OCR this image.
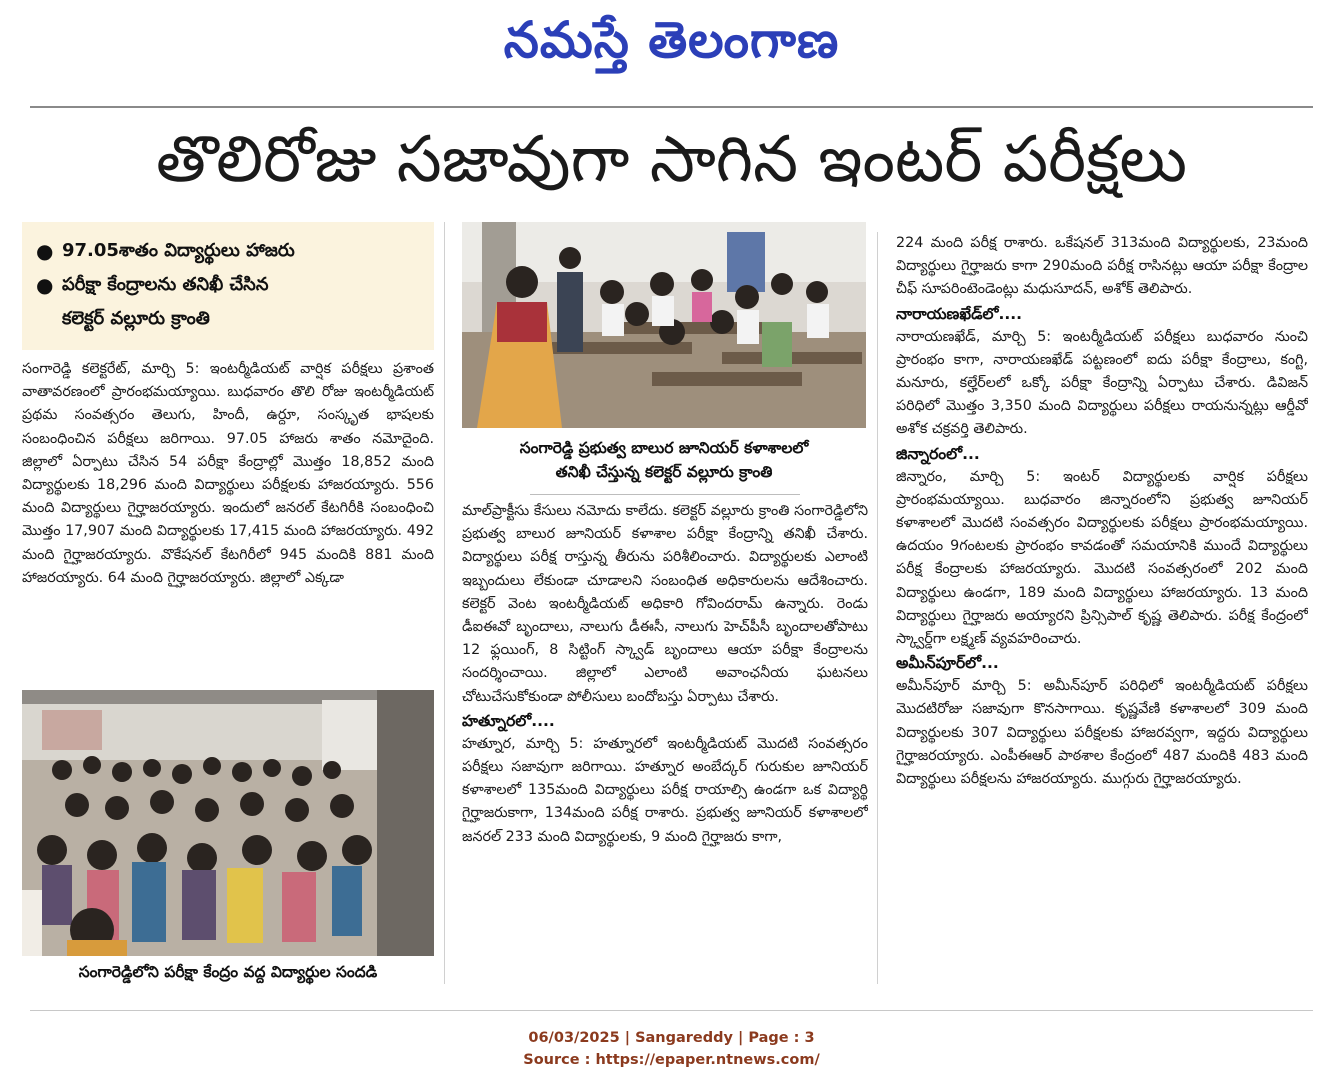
నమస్తే తెలంగాణ
తొలిరోజు సజావుగా సాగిన ఇంటర్ పరీక్షలు
● 97.05శాతం విద్యార్థులు హాజరు
● పరీక్షా కేంద్రాలను తనిఖీ చేసిన
కలెక్టర్ వల్లూరు క్రాంతి

సంగారెడ్డి కలెక్టరేట్, మార్చి 5: ఇంటర్మీడియట్ వార్షిక పరీక్షలు ప్రశాంత వాతావరణంలో ప్రారంభమయ్యాయి. బుధవారం తొలి రోజు ఇంటర్మీడియట్ ప్రథమ సంవత్సరం తెలుగు, హిందీ, ఉర్దూ, సంస్కృత భాషలకు సంబంధించిన పరీక్షలు జరిగాయి. 97.05 హాజరు శాతం నమోదైంది. జిల్లాలో ఏర్పాటు చేసిన 54 పరీక్షా కేంద్రాల్లో మొత్తం 18,852 మంది విద్యార్థులకు 18,296 మంది విద్యార్థులు పరీక్షలకు హాజరయ్యారు. 556 మంది విద్యార్థులు గైర్హాజరయ్యారు. ఇందులో జనరల్ కేటగిరీకి సంబంధించి మొత్తం 17,907 మంది విద్యార్థులకు 17,415 మంది హాజరయ్యారు. 492 మంది గైర్హాజరయ్యారు. వొకేషనల్ కేటగిరీలో 945 మందికి 881 మంది హాజరయ్యారు. 64 మంది గైర్హాజరయ్యారు. జిల్లాలో ఎక్కడా

సంగారెడ్డిలోని పరీక్షా కేంద్రం వద్ద విద్యార్థుల సందడి
సంగారెడ్డి ప్రభుత్వ బాలుర జూనియర్ కళాశాలలో
తనిఖీ చేస్తున్న కలెక్టర్ వల్లూరు క్రాంతి

మాల్‌ప్రాక్టీసు కేసులు నమోదు కాలేదు. కలెక్టర్ వల్లూరు క్రాంతి సంగారెడ్డిలోని ప్రభుత్వ బాలుర జూనియర్ కళాశాల పరీక్షా కేంద్రాన్ని తనిఖీ చేశారు. విద్యార్థులు పరీక్ష రాస్తున్న తీరును పరిశీలించారు. విద్యార్థులకు ఎలాంటి ఇబ్బందులు లేకుండా చూడాలని సంబంధిత అధికారులను ఆదేశించారు. కలెక్టర్ వెంట ఇంటర్మీడియట్ అధికారి గోవిందరామ్ ఉన్నారు. రెండు డీఐఈవో బృందాలు, నాలుగు డీఈసీ, నాలుగు హెచ్‌పీసీ బృందాలతోపాటు 12 ఫ్లయింగ్, 8 సిట్టింగ్ స్క్వాడ్ బృందాలు ఆయా పరీక్షా కేంద్రాలను సందర్శించాయి. జిల్లాలో ఎలాంటి అవాంఛనీయ ఘటనలు చోటుచేసుకోకుండా పోలీసులు బందోబస్తు ఏర్పాటు చేశారు.

హత్నూరలో....

హత్నూర, మార్చి 5: హత్నూరలో ఇంటర్మీడియట్ మొదటి సంవత్సరం పరీక్షలు సజావుగా జరిగాయి. హత్నూర అంబేద్కర్ గురుకుల జూనియర్ కళాశాలలో 135మంది విద్యార్థులు పరీక్ష రాయాల్సి ఉండగా ఒక విద్యార్థి గైర్హాజరుకాగా, 134మంది పరీక్ష రాశారు. ప్రభుత్వ జూనియర్ కళాశాలలో జనరల్ 233 మంది విద్యార్థులకు, 9 మంది గైర్హాజరు కాగా,

224 మంది పరీక్ష రాశారు. ఒకేషనల్ 313మంది విద్యార్థులకు, 23మంది విద్యార్థులు గైర్హాజరు కాగా 290మంది పరీక్ష రాసినట్లు ఆయా పరీక్షా కేంద్రాల చీఫ్ సూపరింటెండెంట్లు మధుసూదన్, అశోక్ తెలిపారు.

నారాయణఖేడ్‌లో....

నారాయణఖేడ్, మార్చి 5: ఇంటర్మీడియట్ పరీక్షలు బుధవారం నుంచి ప్రారంభం కాగా, నారాయణఖేడ్ పట్టణంలో ఐదు పరీక్షా కేంద్రాలు, కంగ్టి, మనూరు, కల్హేర్‌లలో ఒక్కో పరీక్షా కేంద్రాన్ని ఏర్పాటు చేశారు. డివిజన్ పరిధిలో మొత్తం 3,350 మంది విద్యార్థులు పరీక్షలు రాయనున్నట్లు ఆర్డీవో అశోక చక్రవర్తి తెలిపారు.

జిన్నారంలో...

జిన్నారం, మార్చి 5: ఇంటర్ విద్యార్థులకు వార్షిక పరీక్షలు ప్రారంభమయ్యాయి. బుధవారం జిన్నారంలోని ప్రభుత్వ జూనియర్ కళాశాలలో మొదటి సంవత్సరం విద్యార్థులకు పరీక్షలు ప్రారంభమయ్యాయి. ఉదయం 9గంటలకు ప్రారంభం కావడంతో సమయానికి ముందే విద్యార్థులు పరీక్ష కేంద్రాలకు హాజరయ్యారు. మొదటి సంవత్సరంలో 202 మంది విద్యార్థులు ఉండగా, 189 మంది విద్యార్థులు హాజరయ్యారు. 13 మంది విద్యార్థులు గైర్హాజరు అయ్యారని ప్రిన్సిపాల్ కృష్ణ తెలిపారు. పరీక్ష కేంద్రంలో స్క్వార్డ్‌గా లక్ష్మణ్ వ్యవహరించారు.

అమీన్‌పూర్‌లో...

అమీన్‌పూర్ మార్చి 5: అమీన్‌పూర్ పరిధిలో ఇంటర్మీడియట్ పరీక్షలు మొదటిరోజు సజావుగా కొనసాగాయి. కృష్ణవేణి కళాశాలలో 309 మంది విద్యార్థులకు 307 విద్యార్థులు పరీక్షలకు హాజరవ్వగా, ఇద్దరు విద్యార్థులు గైర్హాజరయ్యారు. ఎంపీఈఆర్ పాఠశాల కేంద్రంలో 487 మందికి 483 మంది విద్యార్థులు పరీక్షలను హాజరయ్యారు. ముగ్గురు గైర్హాజరయ్యారు.

06/03/2025 | Sangareddy | Page : 3
Source : https://epaper.ntnews.com/
